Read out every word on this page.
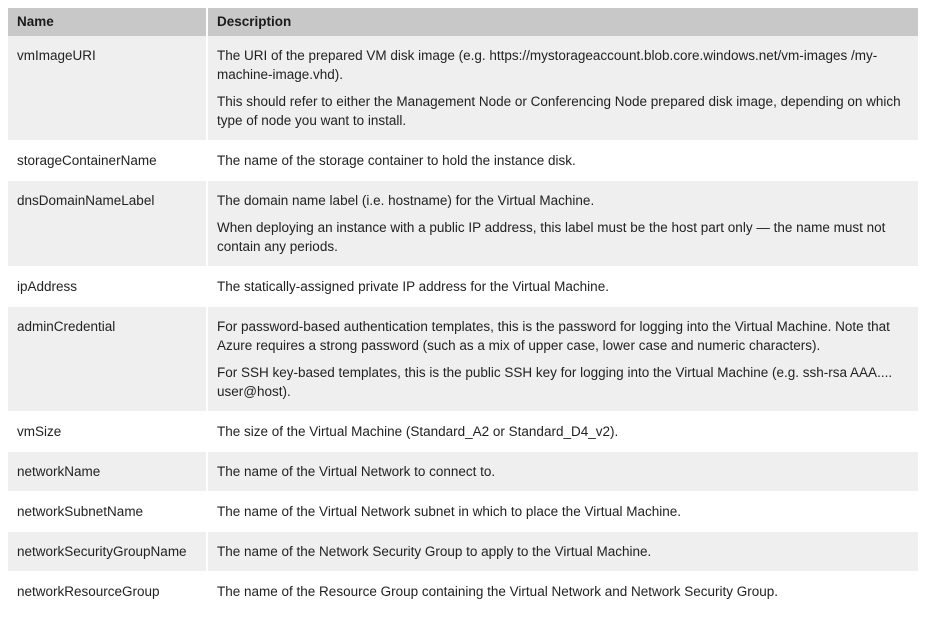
Name	Description
vmImageURI	The URI of the prepared VM disk image (e.g. https://mystorageaccount.blob.core.windows.net/vm-images /my-machine-image.vhd).

This should refer to either the Management Node or Conferencing Node prepared disk image, depending on which type of node you want to install.

storageContainerName	The name of the storage container to hold the instance disk.

dnsDomainNameLabel	The domain name label (i.e. hostname) for the Virtual Machine.

When deploying an instance with a public IP address, this label must be the host part only — the name must not contain any periods.

ipAddress	The statically-assigned private IP address for the Virtual Machine.

adminCredential	For password-based authentication templates, this is the password for logging into the Virtual Machine. Note that Azure requires a strong password (such as a mix of upper case, lower case and numeric characters).

For SSH key-based templates, this is the public SSH key for logging into the Virtual Machine (e.g. ssh-rsa AAA.... user@host).

vmSize	The size of the Virtual Machine (Standard_A2 or Standard_D4_v2).

networkName	The name of the Virtual Network to connect to.

networkSubnetName	The name of the Virtual Network subnet in which to place the Virtual Machine.

networkSecurityGroupName	The name of the Network Security Group to apply to the Virtual Machine.

networkResourceGroup	The name of the Resource Group containing the Virtual Network and Network Security Group.
